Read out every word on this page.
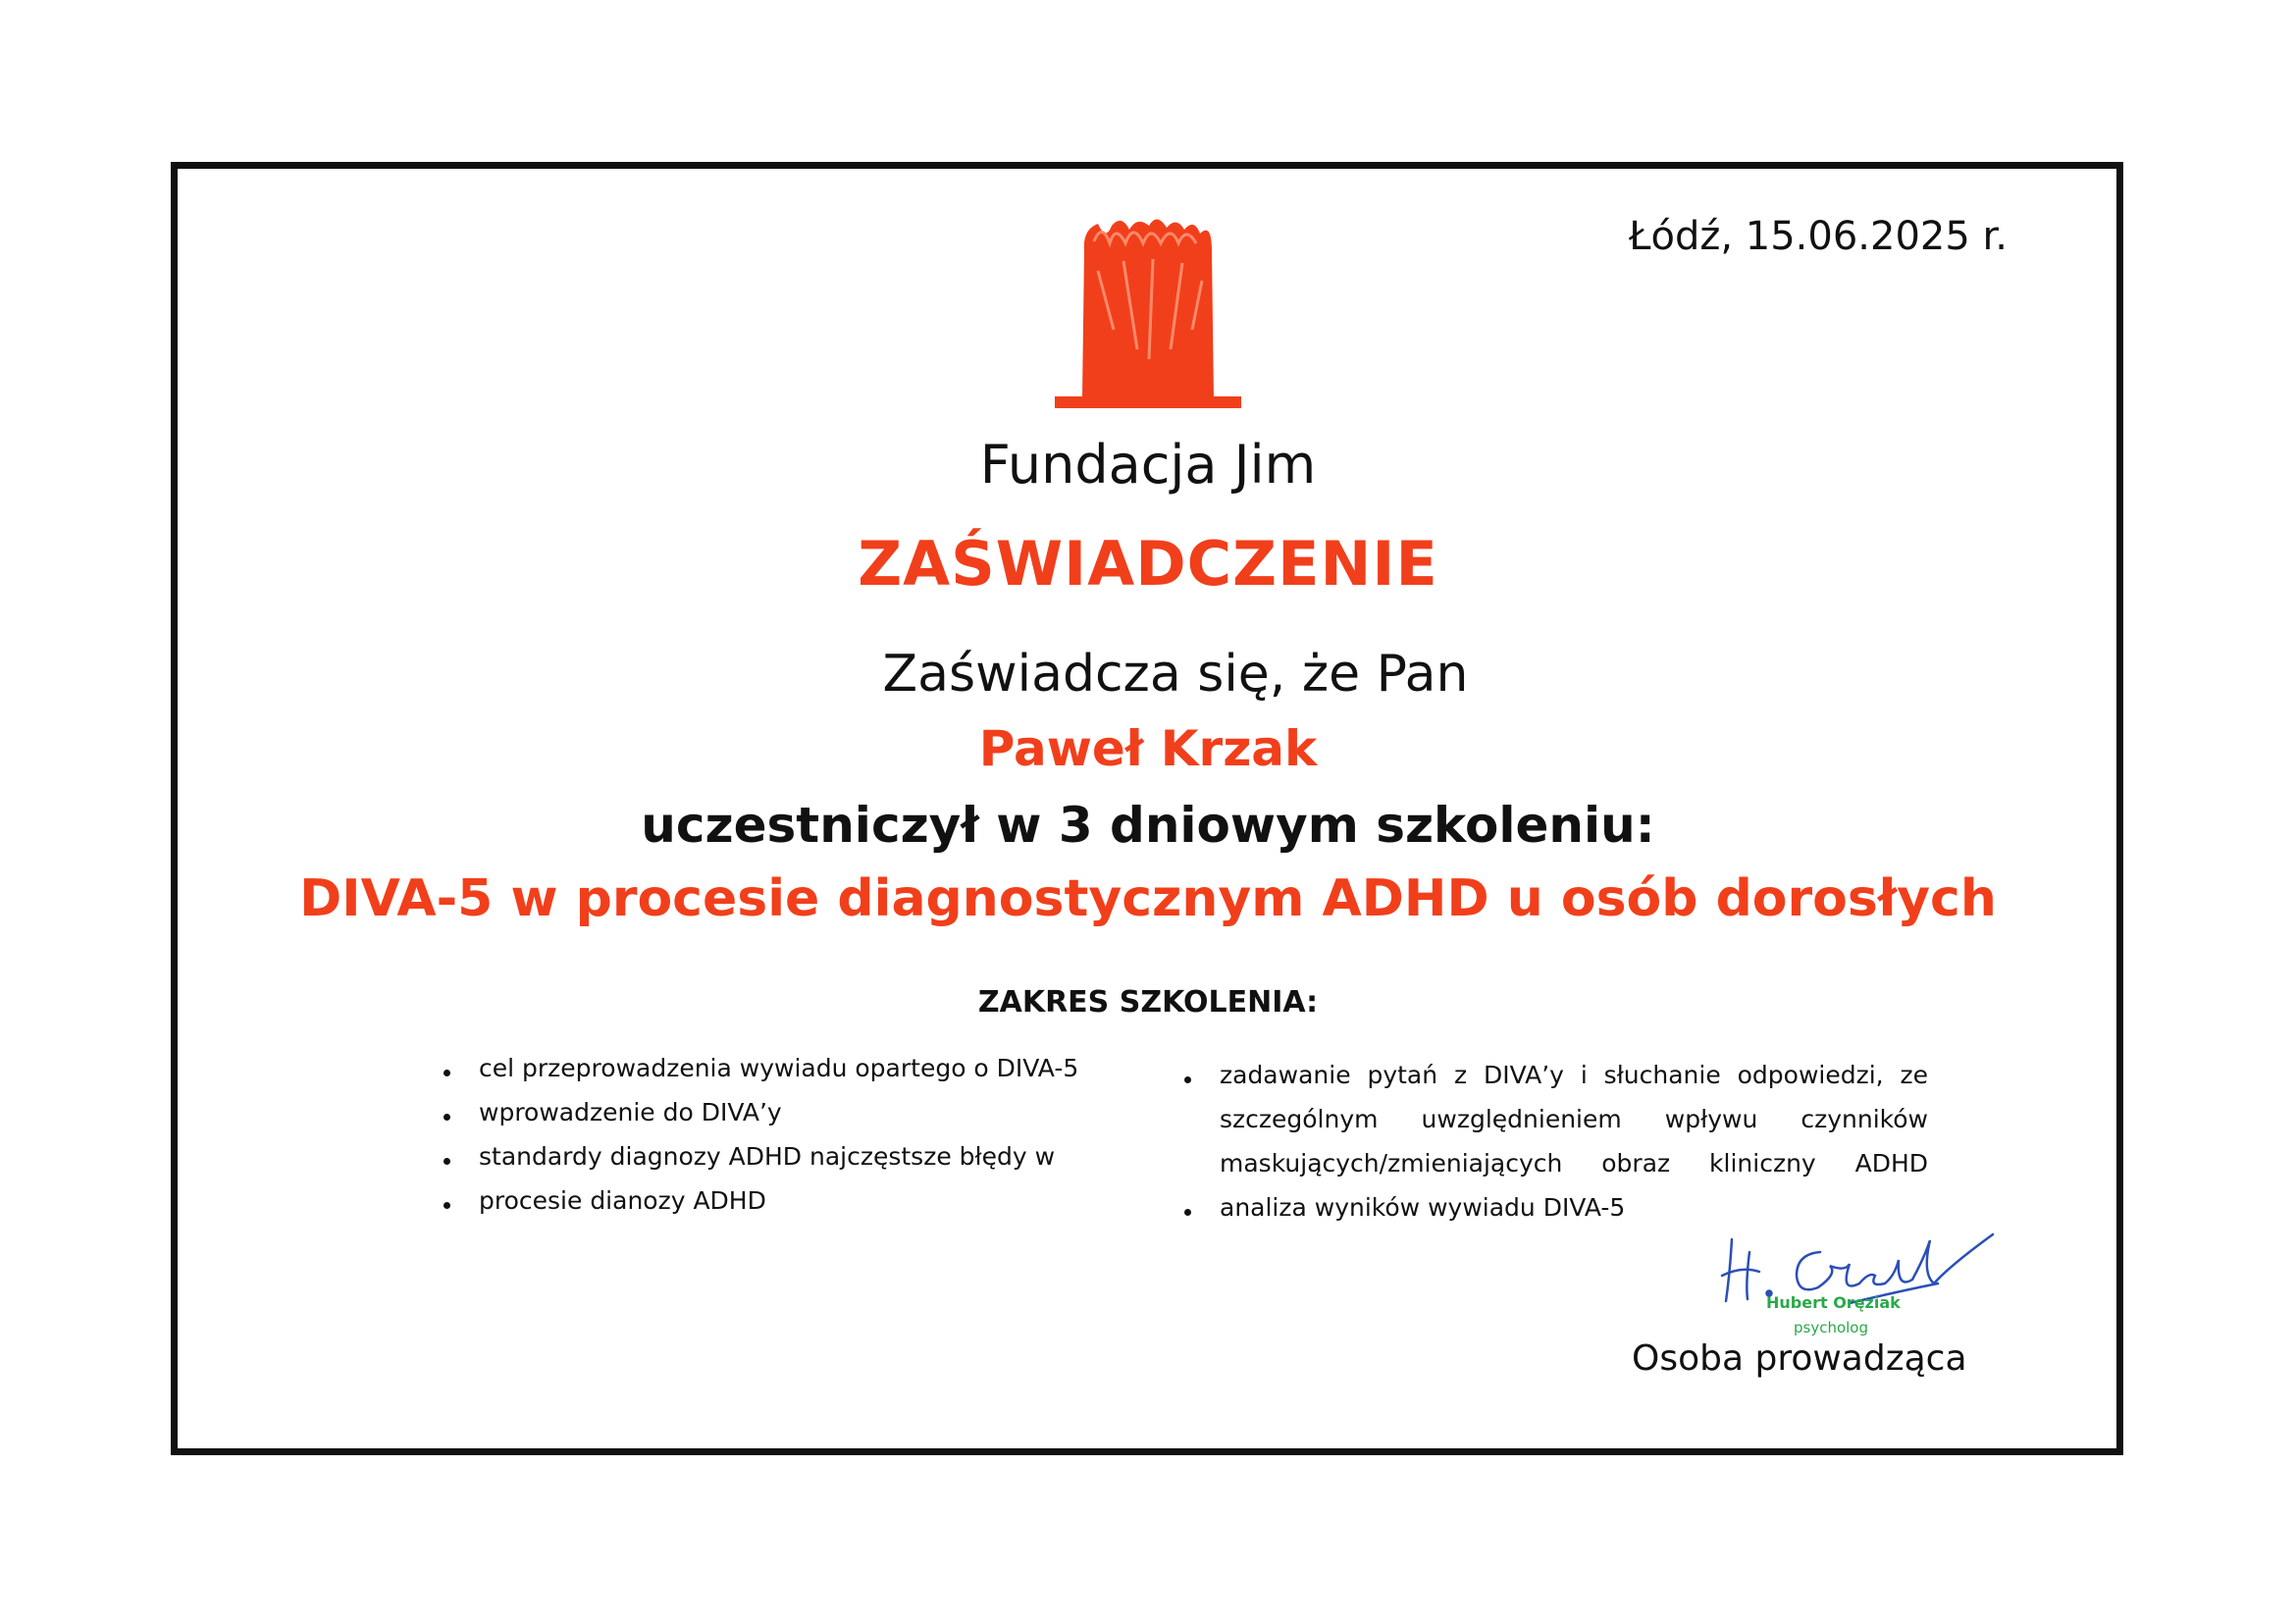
Łódź, 15.06.2025 r.
Fundacja Jim
ZAŚWIADCZENIE
Zaświadcza się, że Pan
Paweł Krzak
uczestniczył w 3 dniowym szkoleniu:
DIVA-5 w procesie diagnostycznym ADHD u osób dorosłych
ZAKRES SZKOLENIA:
cel przeprowadzenia wywiadu opartego o DIVA-5
wprowadzenie do DIVA’y
standardy diagnozy ADHD najczęstsze błędy w
procesie dianozy ADHD
zadawanie pytań z DIVA’y i słuchanie odpowiedzi, ze szczególnym uwzględnieniem wpływu czynników maskujących/zmieniających obraz kliniczny ADHD
analiza wyników wywiadu DIVA-5
Hubert Oręziak
psycholog
Osoba prowadząca
